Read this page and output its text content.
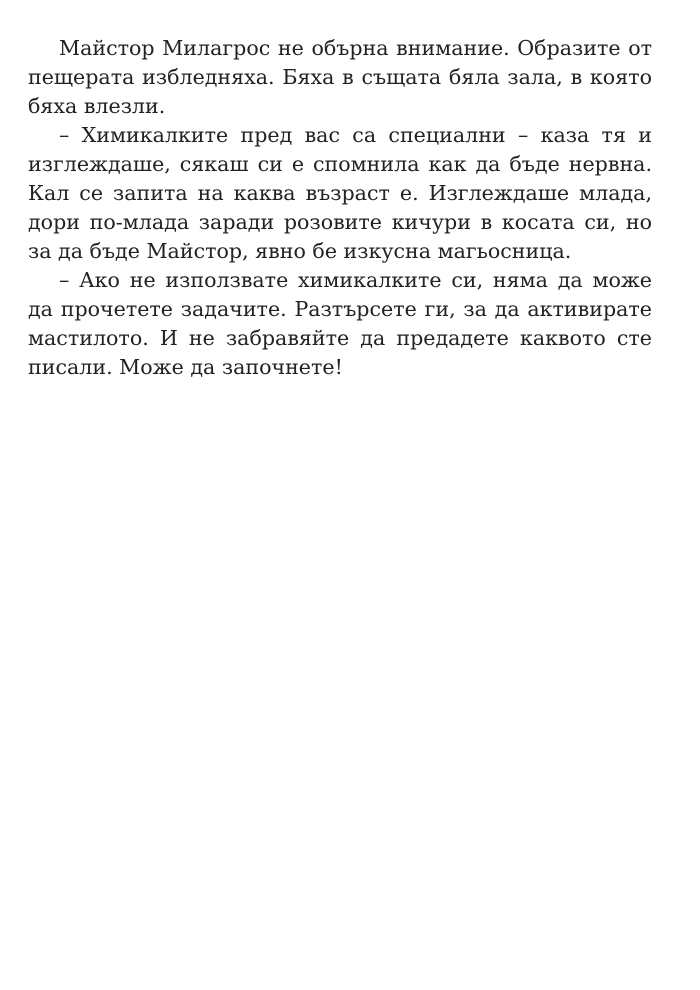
Майстор Милагрос не обърна внимание. Образите от пещерата избледняха. Бяха в същата бяла зала, в която бяха влезли.

– Химикалките пред вас са специални – каза тя и изглеждаше, сякаш си е спомнила как да бъде нервна. Кал се запита на каква възраст е. Изглеждаше млада, дори по-млада заради розовите кичури в косата си, но за да бъде Майстор, явно бе изкусна магьосница.

– Ако не използвате химикалките си, няма да може да прочетете задачите. Разтърсете ги, за да активирате мастилото. И не забравяйте да предадете каквото сте писали. Може да започнете!
